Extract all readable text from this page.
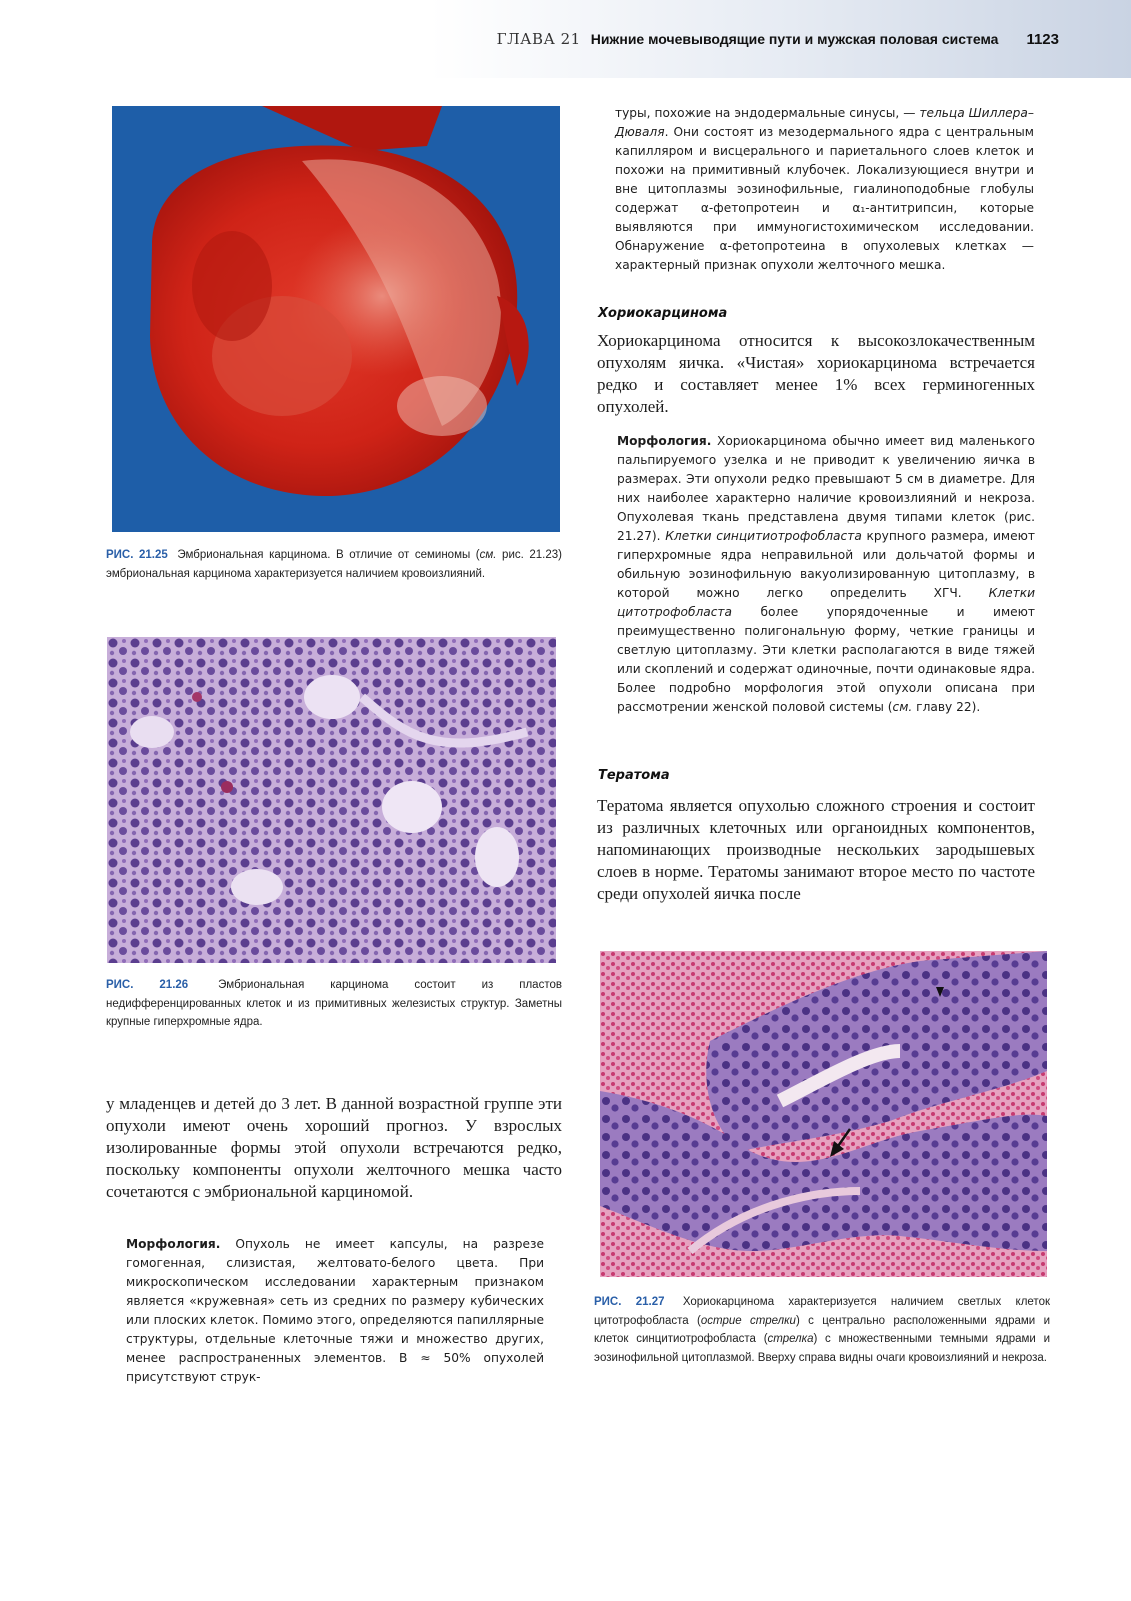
ГЛАВА 21 Нижние мочевыводящие пути и мужская половая система 1123
РИС. 21.25 Эмбриональная карцинома. В отличие от семиномы (см. рис. 21.23) эмбриональная карцинома характеризуется наличием кровоизлияний.
РИС. 21.26	Эмбриональная карцинома состоит из пластов недифференцированных клеток и из примитивных железистых структур. Заметны крупные гиперхромные ядра.
РИС. 21.27 Хориокарцинома характеризуется наличием светлых клеток цитотрофобласта (острие стрелки) с центрально расположенными ядрами и клеток синцитиотрофобласта (стрелка) с множественными темными ядрами и эозинофильной цитоплазмой. Вверху справа видны очаги кровоизлияний и некроза.
туры, похожие на эндодермальные синусы, — тельца Шиллера–Дюваля. Они состоят из мезодермального ядра с центральным капилляром и висцерального и париетального слоев клеток и похожи на примитивный клубочек. Локализующиеся внутри и вне цитоплазмы эозинофильные, гиалиноподобные глобулы содержат α-фетопротеин и α₁-антитрипсин, которые выявляются при иммуногистохимическом исследовании. Обнаружение α-фетопротеина в опухолевых клетках — характерный признак опухоли желточного мешка.
Хориокарцинома
Хориокарцинома относится к высокозлокачественным опухолям яичка. «Чистая» хориокарцинома встречается редко и составляет менее 1% всех герминогенных опухолей.
Морфология. Хориокарцинома обычно имеет вид маленького пальпируемого узелка и не приводит к увеличению яичка в размерах. Эти опухоли редко превышают 5 см в диаметре. Для них наиболее характерно наличие кровоизлияний и некроза. Опухолевая ткань представлена двумя типами клеток (рис. 21.27). Клетки синцитиотрофобласта крупного размера, имеют гиперхромные ядра неправильной или дольчатой формы и обильную эозинофильную вакуолизированную цитоплазму, в которой можно легко определить ХГЧ. Клетки цитотрофобласта более упорядоченные и имеют преимущественно полигональную форму, четкие границы и светлую цитоплазму. Эти клетки располагаются в виде тяжей или скоплений и содержат одиночные, почти одинаковые ядра. Более подробно морфология этой опухоли описана при рассмотрении женской половой системы (см. главу 22).
Тератома
Тератома является опухолью сложного строения и состоит из различных клеточных или органоидных компонентов, напоминающих производные нескольких зародышевых слоев в норме. Тератомы занимают второе место по частоте среди опухолей яичка после
у младенцев и детей до 3 лет. В данной возрастной группе эти опухоли имеют очень хороший прогноз. У взрослых изолированные формы этой опухоли встречаются редко, поскольку компоненты опухоли желточного мешка часто сочетаются с эмбриональной карциномой.
Морфология. Опухоль не имеет капсулы, на разрезе гомогенная, слизистая, желтовато-белого цвета. При микроскопическом исследовании характерным признаком является «кружевная» сеть из средних по размеру кубических или плоских клеток. Помимо этого, определяются папиллярные структуры, отдельные клеточные тяжи и множество других, менее распространенных элементов. В ≈ 50% опухолей присутствуют струк-
